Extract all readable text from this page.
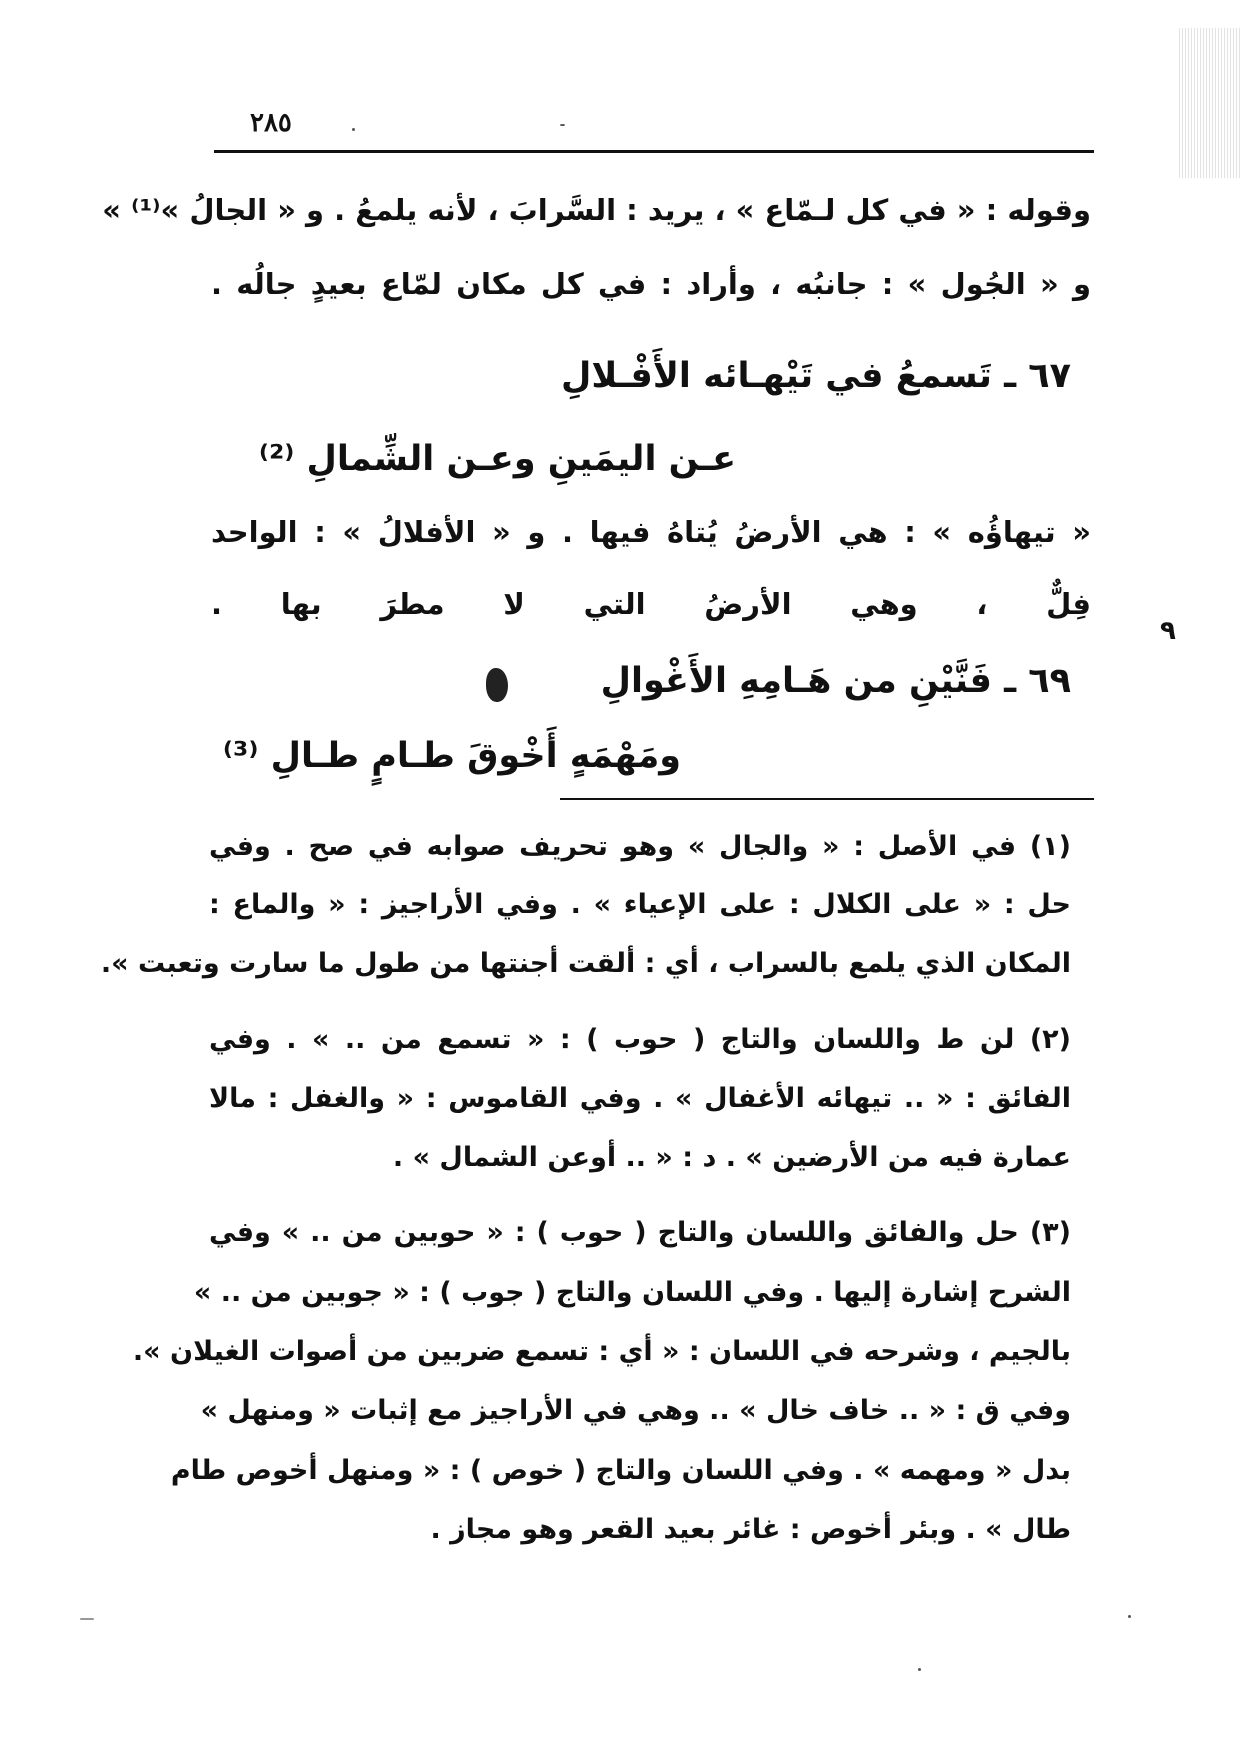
٢٨٥
وقوله : « في كل لـمّاع » ، يريد : السَّرابَ ، لأنه يلمعُ . و « الجالُ »⁽¹⁾ »
و « الجُول » : جانبُه ، وأراد : في كل مكان لمّاع بعيدٍ جالُه .
٦٧ ـ تَسمعُ في تَيْهـائه الأَفْـلالِ
عـن اليمَينِ وعـن الشِّمالِ ⁽²⁾
« تيهاؤُه » : هي الأرضُ يُتاهُ فيها . و « الأفلالُ » : الواحد
فِلٌّ ، وهي الأرضُ التي لا مطرَ بها .
٩
٦٩ ـ فَنَّيْنِ من هَـامِهِ الأَغْوالِ
ومَهْمَهٍ أَخْوقَ طـامٍ طـالِ ⁽³⁾
(١) في الأصل : « والجال » وهو تحريف صوابه في صح . وفي
حل : « على الكلال : على الإعياء » . وفي الأراجيز : « والماع :
المكان الذي يلمع بالسراب ، أي : ألقت أجنتها من طول ما سارت وتعبت ».
(٢) لن ط واللسان والتاج ( حوب ) : « تسمع من .. » . وفي
الفائق : « .. تيهائه الأغفال » . وفي القاموس : « والغفل : مالا
عمارة فيه من الأرضين » . د : « .. أوعن الشمال » .
(٣) حل والفائق واللسان والتاج ( حوب ) : « حوبين من .. » وفي
الشرح إشارة إليها . وفي اللسان والتاج ( جوب ) : « جوبين من .. »
بالجيم ، وشرحه في اللسان : « أي : تسمع ضربين من أصوات الغيلان ».
وفي ق : « .. خاف خال » .. وهي في الأراجيز مع إثبات « ومنهل »
بدل « ومهمه » . وفي اللسان والتاج ( خوص ) : « ومنهل أخوص طام
طال » . وبئر أخوص : غائر بعيد القعر وهو مجاز .
